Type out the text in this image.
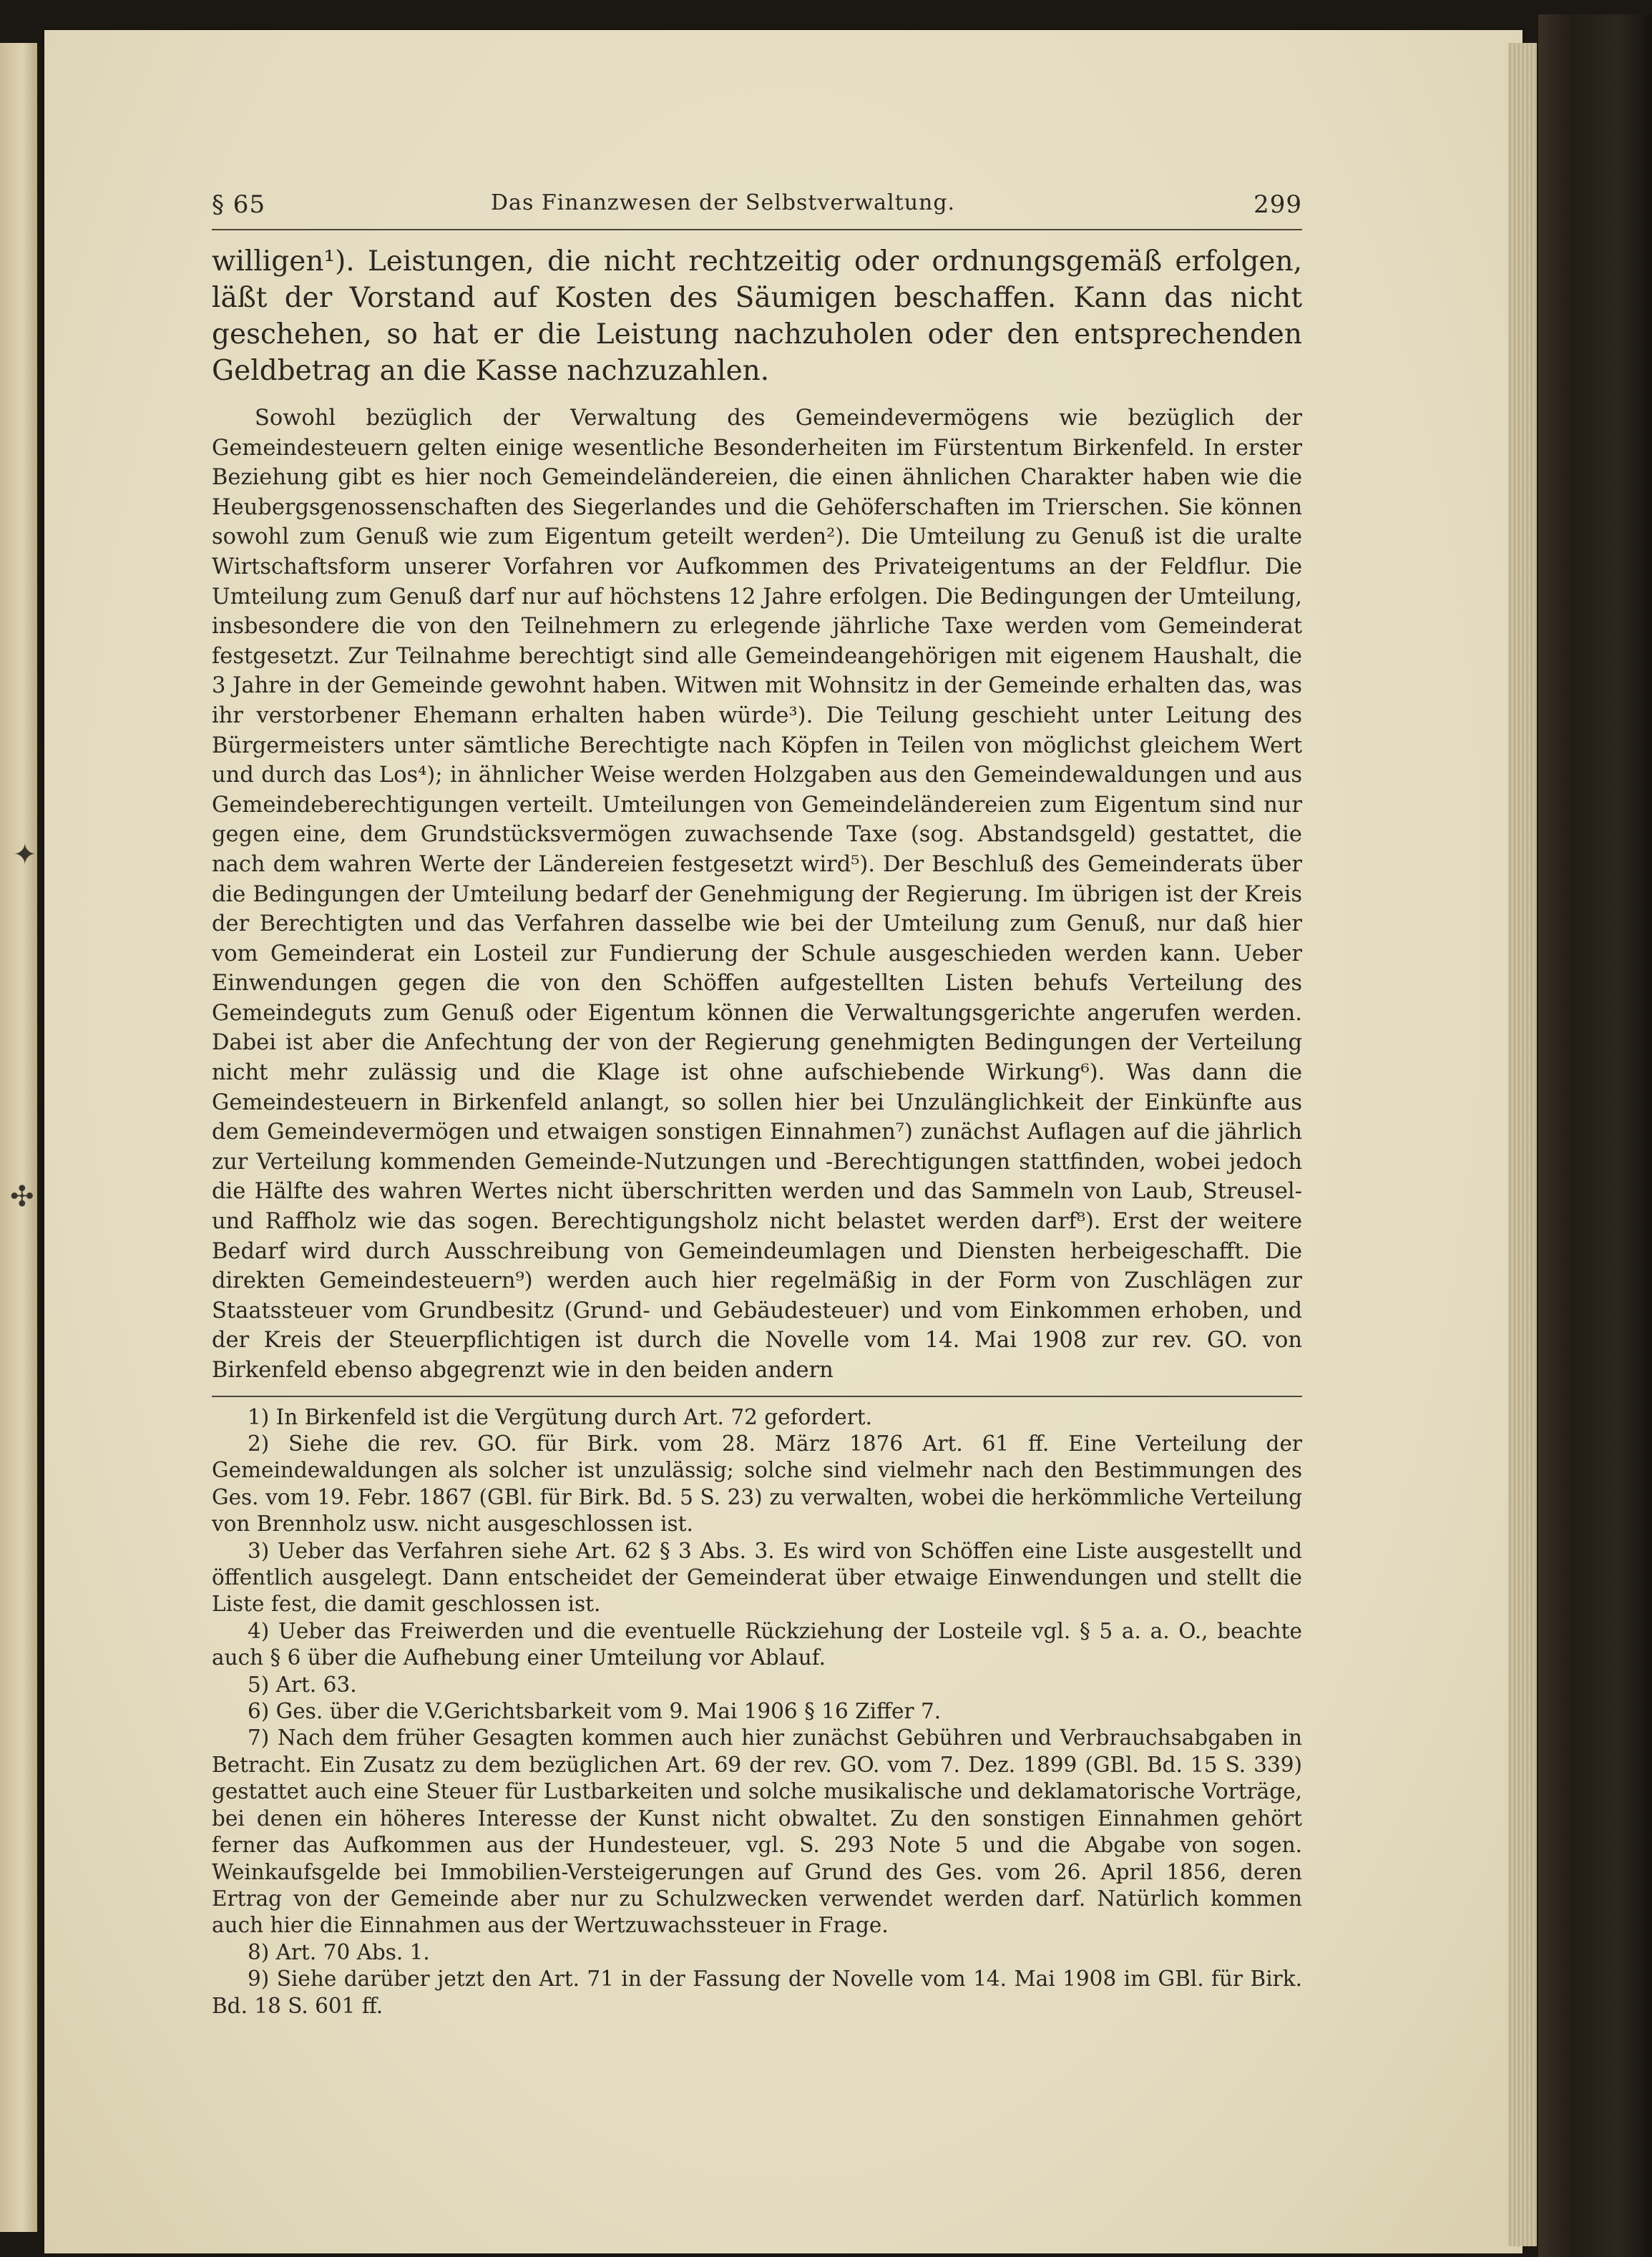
✦
✣
§ 65	Das Finanzwesen der Selbstverwaltung.	299

willigen¹). Leistungen, die nicht rechtzeitig oder ordnungsgemäß erfolgen, läßt der Vorstand auf Kosten des Säumigen beschaffen. Kann das nicht geschehen, so hat er die Leistung nachzuholen oder den entsprechenden Geldbetrag an die Kasse nachzuzahlen.

Sowohl bezüglich der Verwaltung des Gemeindevermögens wie bezüglich der Gemeindesteuern gelten einige wesentliche Besonderheiten im Fürstentum Birkenfeld. In erster Beziehung gibt es hier noch Gemeindeländereien, die einen ähnlichen Charakter haben wie die Heubergsgenossenschaften des Siegerlandes und die Gehöferschaften im Trierschen. Sie können sowohl zum Genuß wie zum Eigentum geteilt werden²). Die Umteilung zu Genuß ist die uralte Wirtschaftsform unserer Vorfahren vor Aufkommen des Privateigentums an der Feldflur. Die Umteilung zum Genuß darf nur auf höchstens 12 Jahre erfolgen. Die Bedingungen der Umteilung, insbesondere die von den Teilnehmern zu erlegende jährliche Taxe werden vom Gemeinderat festgesetzt. Zur Teilnahme berechtigt sind alle Gemeindeangehörigen mit eigenem Haushalt, die 3 Jahre in der Gemeinde gewohnt haben. Witwen mit Wohnsitz in der Gemeinde erhalten das, was ihr verstorbener Ehemann erhalten haben würde³). Die Teilung geschieht unter Leitung des Bürgermeisters unter sämtliche Berechtigte nach Köpfen in Teilen von möglichst gleichem Wert und durch das Los⁴); in ähnlicher Weise werden Holzgaben aus den Gemeindewaldungen und aus Gemeindeberechtigungen verteilt. Umteilungen von Gemeindeländereien zum Eigentum sind nur gegen eine, dem Grundstücksvermögen zuwachsende Taxe (sog. Abstandsgeld) gestattet, die nach dem wahren Werte der Ländereien festgesetzt wird⁵). Der Beschluß des Gemeinderats über die Bedingungen der Umteilung bedarf der Genehmigung der Regierung. Im übrigen ist der Kreis der Berechtigten und das Verfahren dasselbe wie bei der Umteilung zum Genuß, nur daß hier vom Gemeinderat ein Losteil zur Fundierung der Schule ausgeschieden werden kann. Ueber Einwendungen gegen die von den Schöffen aufgestellten Listen behufs Verteilung des Gemeindeguts zum Genuß oder Eigentum können die Verwaltungsgerichte angerufen werden. Dabei ist aber die Anfechtung der von der Regierung genehmigten Bedingungen der Verteilung nicht mehr zulässig und die Klage ist ohne aufschiebende Wirkung⁶). Was dann die Gemeindesteuern in Birkenfeld anlangt, so sollen hier bei Unzulänglichkeit der Einkünfte aus dem Gemeindevermögen und etwaigen sonstigen Einnahmen⁷) zunächst Auflagen auf die jährlich zur Verteilung kommenden Gemeinde-Nutzungen und -Berechtigungen stattfinden, wobei jedoch die Hälfte des wahren Wertes nicht überschritten werden und das Sammeln von Laub, Streusel- und Raffholz wie das sogen. Berechtigungsholz nicht belastet werden darf⁸). Erst der weitere Bedarf wird durch Ausschreibung von Gemeindeumlagen und Diensten herbeigeschafft. Die direkten Gemeindesteuern⁹) werden auch hier regelmäßig in der Form von Zuschlägen zur Staatssteuer vom Grundbesitz (Grund- und Gebäudesteuer) und vom Einkommen erhoben, und der Kreis der Steuerpflichtigen ist durch die Novelle vom 14. Mai 1908 zur rev. GO. von Birkenfeld ebenso abgegrenzt wie in den beiden andern

1) In Birkenfeld ist die Vergütung durch Art. 72 gefordert.

2) Siehe die rev. GO. für Birk. vom 28. März 1876 Art. 61 ff. Eine Verteilung der Gemeindewaldungen als solcher ist unzulässig; solche sind vielmehr nach den Bestimmungen des Ges. vom 19. Febr. 1867 (GBl. für Birk. Bd. 5 S. 23) zu verwalten, wobei die herkömmliche Verteilung von Brennholz usw. nicht ausgeschlossen ist.

3) Ueber das Verfahren siehe Art. 62 § 3 Abs. 3. Es wird von Schöffen eine Liste ausgestellt und öffentlich ausgelegt. Dann entscheidet der Gemeinderat über etwaige Einwendungen und stellt die Liste fest, die damit geschlossen ist.

4) Ueber das Freiwerden und die eventuelle Rückziehung der Losteile vgl. § 5 a. a. O., beachte auch § 6 über die Aufhebung einer Umteilung vor Ablauf.

5) Art. 63.

6) Ges. über die V.Gerichtsbarkeit vom 9. Mai 1906 § 16 Ziffer 7.

7) Nach dem früher Gesagten kommen auch hier zunächst Gebühren und Verbrauchsabgaben in Betracht. Ein Zusatz zu dem bezüglichen Art. 69 der rev. GO. vom 7. Dez. 1899 (GBl. Bd. 15 S. 339) gestattet auch eine Steuer für Lustbarkeiten und solche musikalische und deklamatorische Vorträge, bei denen ein höheres Interesse der Kunst nicht obwaltet. Zu den sonstigen Einnahmen gehört ferner das Aufkommen aus der Hundesteuer, vgl. S. 293 Note 5 und die Abgabe von sogen. Weinkaufsgelde bei Immobilien-Versteigerungen auf Grund des Ges. vom 26. April 1856, deren Ertrag von der Gemeinde aber nur zu Schulzwecken verwendet werden darf. Natürlich kommen auch hier die Einnahmen aus der Wertzuwachssteuer in Frage.

8) Art. 70 Abs. 1.

9) Siehe darüber jetzt den Art. 71 in der Fassung der Novelle vom 14. Mai 1908 im GBl. für Birk. Bd. 18 S. 601 ff.
